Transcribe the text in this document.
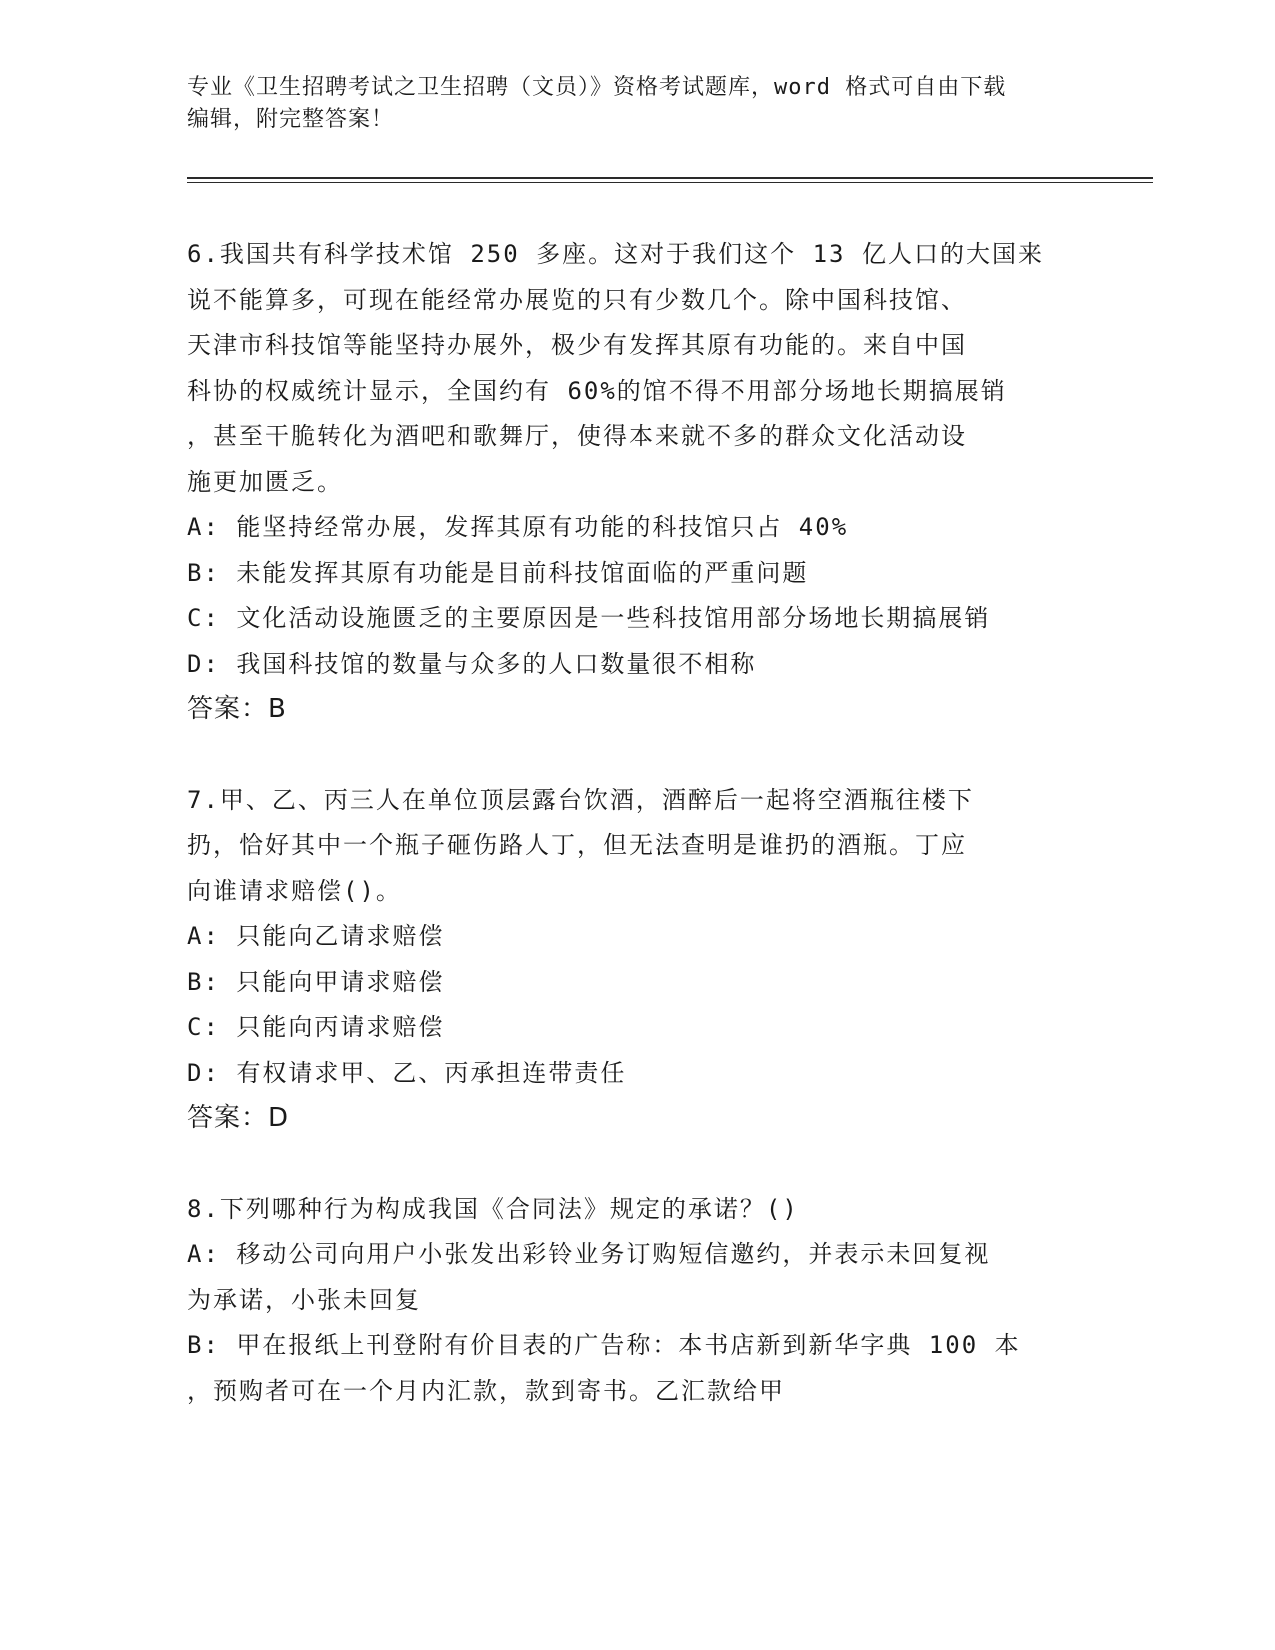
专业《卫生招聘考试之卫生招聘（文员）》资格考试题库，word 格式可自由下载
编辑，附完整答案！
6.我国共有科学技术馆 250 多座。这对于我们这个 13 亿人口的大国来
说不能算多，可现在能经常办展览的只有少数几个。除中国科技馆、
天津市科技馆等能坚持办展外，极少有发挥其原有功能的。来自中国
科协的权威统计显示，全国约有 60%的馆不得不用部分场地长期搞展销
，甚至干脆转化为酒吧和歌舞厅，使得本来就不多的群众文化活动设
施更加匮乏。
A: 能坚持经常办展，发挥其原有功能的科技馆只占 40%
B: 未能发挥其原有功能是目前科技馆面临的严重问题
C: 文化活动设施匮乏的主要原因是一些科技馆用部分场地长期搞展销
D: 我国科技馆的数量与众多的人口数量很不相称
答案：B
7.甲、乙、丙三人在单位顶层露台饮酒，酒醉后一起将空酒瓶往楼下
扔，恰好其中一个瓶子砸伤路人丁，但无法查明是谁扔的酒瓶。丁应
向谁请求赔偿()。
A: 只能向乙请求赔偿
B: 只能向甲请求赔偿
C: 只能向丙请求赔偿
D: 有权请求甲、乙、丙承担连带责任
答案：D
8.下列哪种行为构成我国《合同法》规定的承诺？()
A: 移动公司向用户小张发出彩铃业务订购短信邀约，并表示未回复视
为承诺，小张未回复
B: 甲在报纸上刊登附有价目表的广告称：本书店新到新华字典 100 本
，预购者可在一个月内汇款，款到寄书。乙汇款给甲
